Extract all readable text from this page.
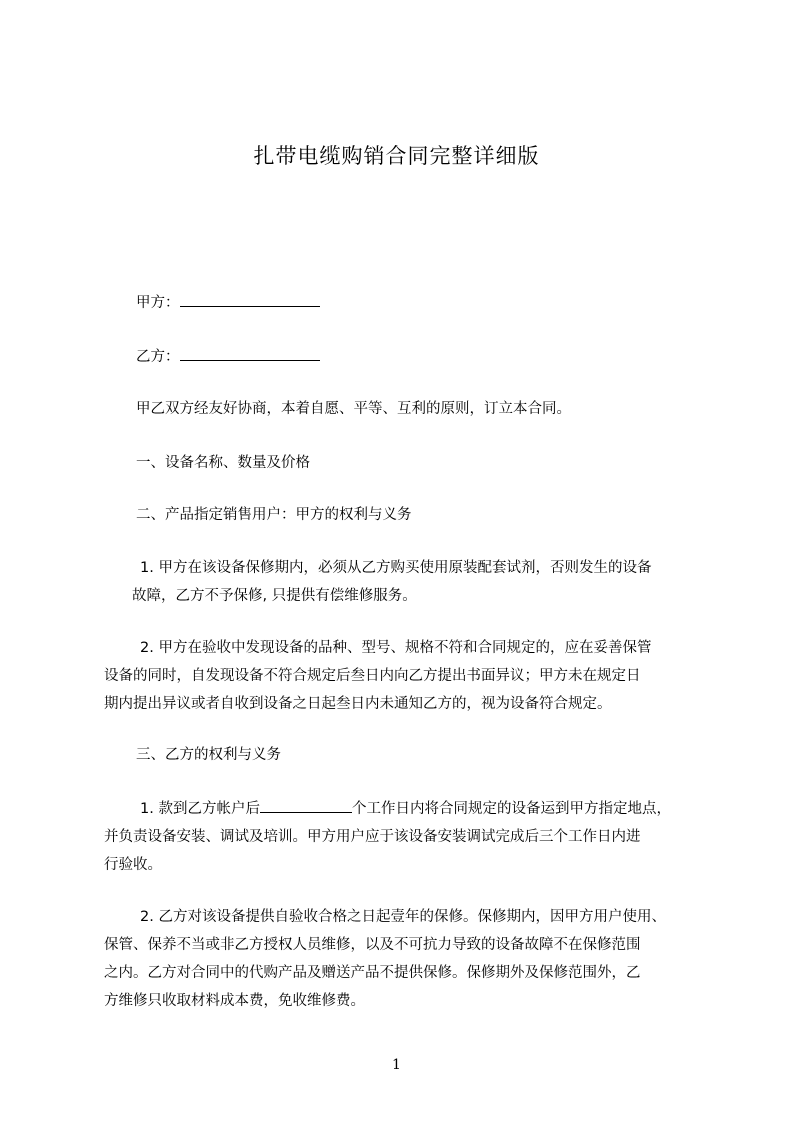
扎带电缆购销合同完整详细版
甲方：
乙方：
甲乙双方经友好协商，本着自愿、平等、互利的原则，订立本合同。
一、设备名称、数量及价格
二、产品指定销售用户：甲方的权利与义务

1. 甲方在该设备保修期内，必须从乙方购买使用原装配套试剂，否则发生的设备

故障，乙方不予保修, 只提供有偿维修服务。

2. 甲方在验收中发现设备的品种、型号、规格不符和合同规定的，应在妥善保管

设备的同时，自发现设备不符合规定后叁日内向乙方提出书面异议；甲方未在规定日

期内提出异议或者自收到设备之日起叁日内未通知乙方的，视为设备符合规定。

三、乙方的权利与义务

1. 款到乙方帐户后	个工作日内将合同规定的设备运到甲方指定地点，

并负责设备安装、调试及培训。甲方用户应于该设备安装调试完成后三个工作日内进

行验收。

2. 乙方对该设备提供自验收合格之日起壹年的保修。保修期内，因甲方用户使用、

保管、保养不当或非乙方授权人员维修，以及不可抗力导致的设备故障不在保修范围

之内。乙方对合同中的代购产品及赠送产品不提供保修。保修期外及保修范围外，乙

方维修只收取材料成本费，免收维修费。

1
